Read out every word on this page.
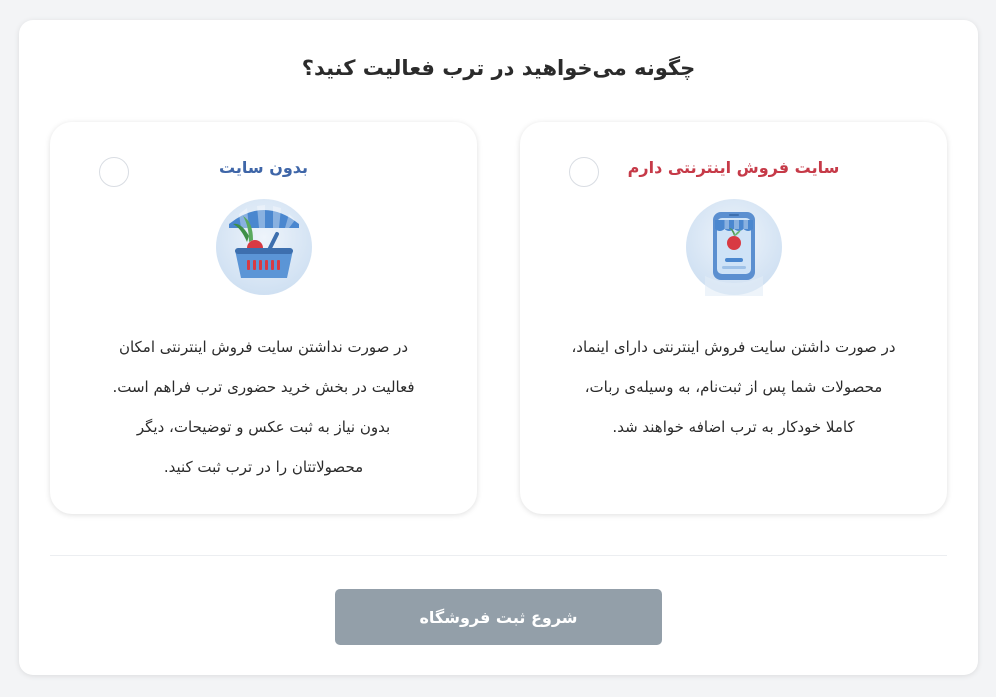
چگونه می‌خواهید در ترب فعالیت کنید؟
سایت فروش اینترنتی دارم
در صورت داشتن سایت فروش اینترنتی دارای اینماد،
محصولات شما پس از ثبت‌نام، به وسیله‌ی ربات،
کاملا خودکار به ترب اضافه خواهند شد.
بدون سایت
در صورت نداشتن سایت فروش اینترنتی امکان
فعالیت در بخش خرید حضوری ترب فراهم است.
بدون نیاز به ثبت عکس و توضیحات، دیگر
محصولاتتان را در ترب ثبت کنید.
شروع ثبت فروشگاه
